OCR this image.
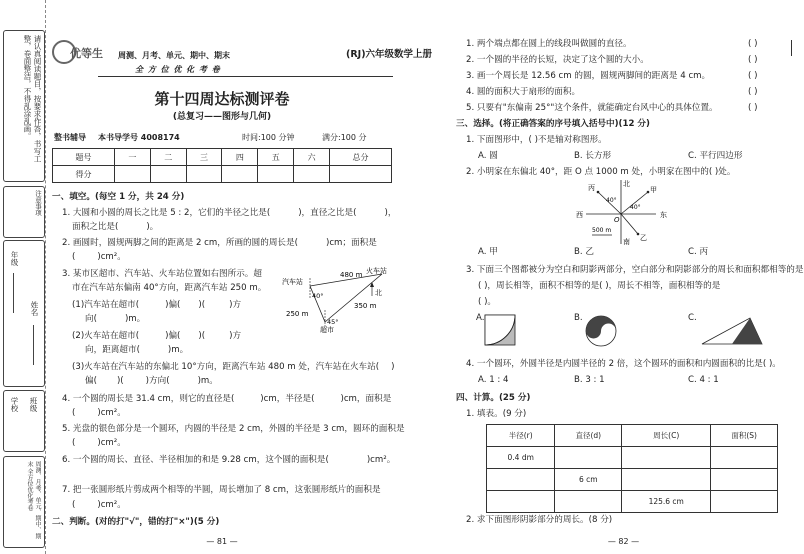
请认真阅读题目，按要求作答，书写工整，卷面整洁，不得乱涂乱画。
注意事项
年级
姓名
学校 班级
周测、月考、单元、期中、期末 全方位优化考卷
优等生 周测、月考、单元、期中、期末
全 方 位 优 化 考 卷
第十四周达标测评卷
(总复习——图形与几何)
整书辅导 本书导学号 4008174	时间:100 分钟	满分:100 分
题号	一	二	三	四	五	六	总分
得分							
一、填空。(每空 1 分，共 24 分)
1. 大圆和小圆的周长之比是 5 : 2，它们的半径之比是(	)，直径之比是(	)，
面积之比是(	)。
2. 画圆时，圆规两脚之间的距离是 2 cm，所画的圆的周长是(	)cm；面积是
(	)cm²。
3. 某市区超市、汽车站、火车站位置如右图所示。超
市在汽车站东偏南 40°方向，距离汽车站 250 m。
(1)汽车站在超市(	)偏( )(	)方
向(	)m。
(2)火车站在超市(	)偏( )(	)方
向，距离超市(	)m。
(3)火车站在汽车站的东偏北 10°方向，距离汽车站 480 m 处，汽车站在火车站( )
偏( )(	)方向(	)m。
汽车站
火车站
超市
北
480 m
350 m
250 m
40°
45°
4. 一个圆的周长是 31.4 cm，则它的直径是(	)cm，半径是(	)cm，面积是
(	)cm²。
5. 光盘的银色部分是一个圆环，内圆的半径是 2 cm，外圆的半径是 3 cm，圆环的面积是
(	)cm²。
6. 一个圆的周长、直径、半径相加的和是 9.28 cm，这个圆的面积是(	)cm²。
7. 把一张圆形纸片剪成两个相等的半圆，周长增加了 8 cm，这张圆形纸片的面积是
(	)cm²。
二、判断。(对的打"√"，错的打"×")(5 分)
— 81 —
(RJ)六年级数学上册
1. 两个端点都在圆上的线段叫做圆的直径。	( )
2. 一个圆的半径的长短，决定了这个圆的大小。	( )
3. 画一个周长是 12.56 cm 的圆，圆规两脚间的距离是 4 cm。	( )
4. 圆的面积大于扇形的面积。	( )
5. 只要有"东偏南 25°"这个条件，就能确定台风中心的具体位置。	( )
三、选择。(将正确答案的序号填入括号中)(12 分)
1. 下面图形中，( )不是轴对称图形。
A. 圆	B. 长方形	C. 平行四边形
2. 小明家在东偏北 40°，距 O 点 1000 m 处，小明家在图中的( )处。
北
南
东
西
甲
乙
丙
O
40°
40°
500 m
A. 甲	B. 乙	C. 丙
3. 下面三个图都被分为空白和阴影两部分，空白部分和阴影部分的周长和面积都相等的是
( )，周长相等，面积不相等的是( )，周长不相等，面积相等的是
( )。
A.	B.	C.
4. 一个圆环，外圆半径是内圆半径的 2 倍，这个圆环的面积和内圆面积的比是( )。
A. 1 : 4	B. 3 : 1	C. 4 : 1
四、计算。(25 分)
1. 填表。(9 分)
半径(r)	直径(d)	周长(C)	面积(S)
0.4 dm			
	6 cm		
		125.6 cm	
2. 求下面图形阴影部分的周长。(8 分)
— 82 —
